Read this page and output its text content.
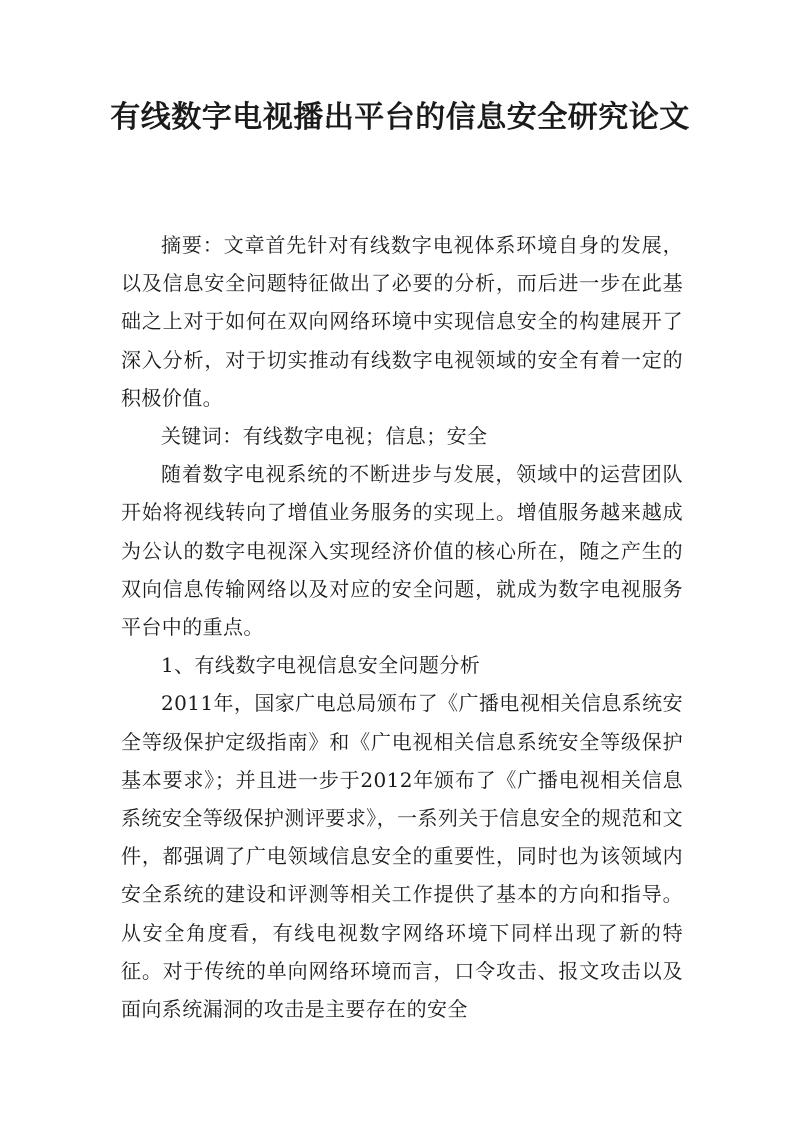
有线数字电视播出平台的信息安全研究论文

摘要：文章首先针对有线数字电视体系环境自身的发展，以及信息安全问题特征做出了必要的分析，而后进一步在此基础之上对于如何在双向网络环境中实现信息安全的构建展开了深入分析，对于切实推动有线数字电视领域的安全有着一定的积极价值。

关键词：有线数字电视；信息；安全

随着数字电视系统的不断进步与发展，领域中的运营团队开始将视线转向了增值业务服务的实现上。增值服务越来越成为公认的数字电视深入实现经济价值的核心所在，随之产生的双向信息传输网络以及对应的安全问题，就成为数字电视服务平台中的重点。

1、有线数字电视信息安全问题分析

2011年，国家广电总局颁布了《广播电视相关信息系统安全等级保护定级指南》和《广电视相关信息系统安全等级保护基本要求》；并且进一步于2012年颁布了《广播电视相关信息系统安全等级保护测评要求》，一系列关于信息安全的规范和文件，都强调了广电领域信息安全的重要性，同时也为该领域内安全系统的建设和评测等相关工作提供了基本的方向和指导。从安全角度看，有线电视数字网络环境下同样出现了新的特征。对于传统的单向网络环境而言，口令攻击、报文攻击以及面向系统漏洞的攻击是主要存在的安全
